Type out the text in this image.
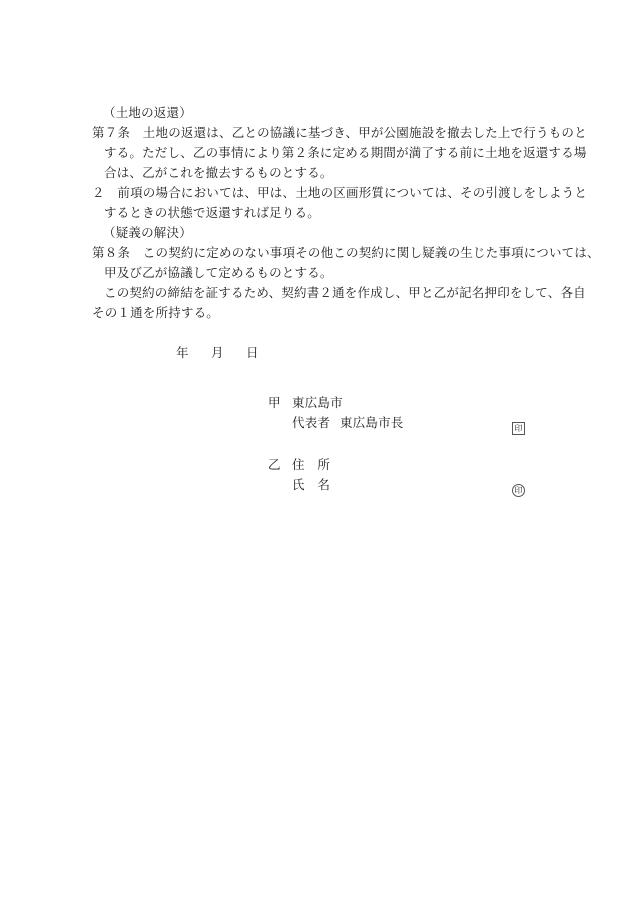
（土地の返還）
第７条　土地の返還は、乙との協議に基づき、甲が公園施設を撤去した上で行うものと
する。ただし、乙の事情により第２条に定める期間が満了する前に土地を返還する場
合は、乙がこれを撤去するものとする。
２　前項の場合においては、甲は、土地の区画形質については、その引渡しをしようと
するときの状態で返還すれば足りる。
（疑義の解決）
第８条　この契約に定めのない事項その他この契約に関し疑義の生じた事項については、
甲及び乙が協議して定めるものとする。
この契約の締結を証するため、契約書２通を作成し、甲と乙が記名押印をして、各自
その１通を所持する。
年 月 日
甲 東広島市
代表者 東広島市長	印
乙 住　所
氏　名	印
